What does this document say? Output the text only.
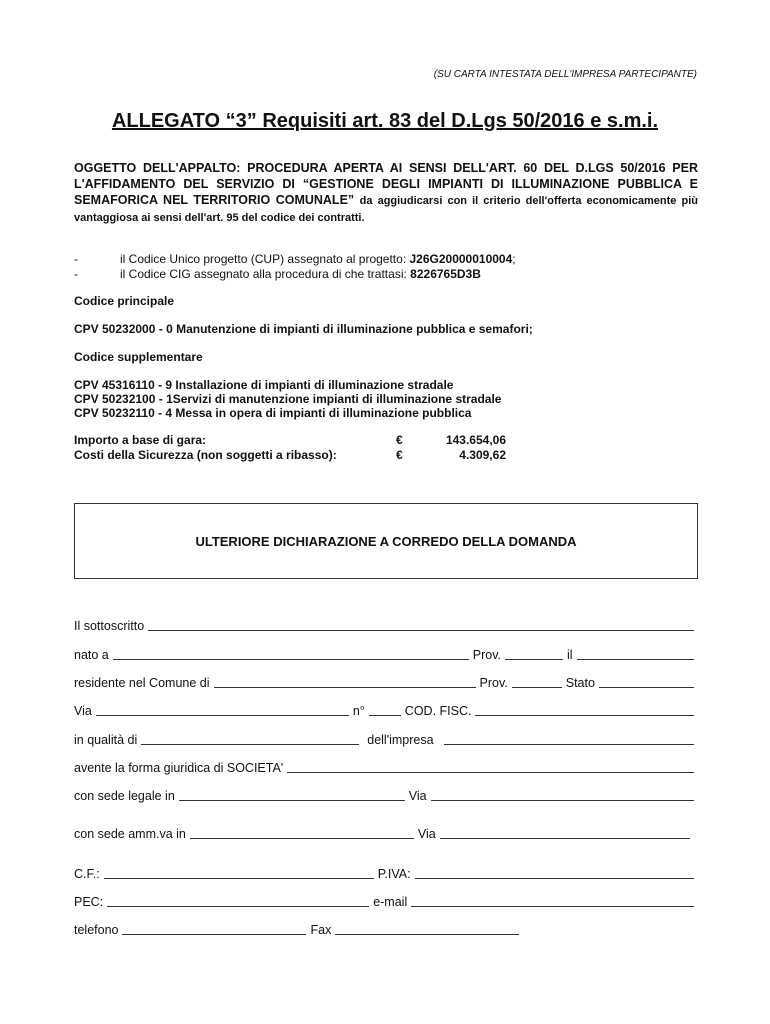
(SU CARTA INTESTATA DELL'IMPRESA PARTECIPANTE)
ALLEGATO “3” Requisiti art. 83 del D.Lgs 50/2016 e s.m.i.
OGGETTO DELL'APPALTO: PROCEDURA APERTA AI SENSI DELL'ART. 60 DEL D.LGS 50/2016 PER L'AFFIDAMENTO DEL SERVIZIO DI “GESTIONE DEGLI IMPIANTI DI ILLUMINAZIONE PUBBLICA E SEMAFORICA NEL TERRITORIO COMUNALE” da aggiudicarsi con il criterio dell'offerta economicamente più vantaggiosa ai sensi dell'art. 95 del codice dei contratti.
-	il Codice Unico progetto (CUP) assegnato al progetto: J26G20000010004;
-	il Codice CIG assegnato alla procedura di che trattasi: 8226765D3B
Codice principale
CPV 50232000 - 0 Manutenzione di impianti di illuminazione pubblica e semafori;
Codice supplementare
CPV 45316110 - 9 Installazione di impianti di illuminazione stradale
CPV 50232100 - 1Servizi di manutenzione impianti di illuminazione stradale
CPV 50232110 - 4 Messa in opera di impianti di illuminazione pubblica
Importo a base di gara:	€	143.654,06
Costi della Sicurezza (non soggetti a ribasso):	€	4.309,62
ULTERIORE DICHIARAZIONE A CORREDO DELLA DOMANDA
Il sottoscritto
nato a	Prov.	il
residente nel Comune di	Prov.	Stato
Via	n°	COD. FISC.
in qualità di	dell'impresa
avente la forma giuridica di SOCIETA'
con sede legale in	Via
con sede amm.va in	Via
C.F.:	P.IVA:
PEC:	e-mail
telefono	Fax
